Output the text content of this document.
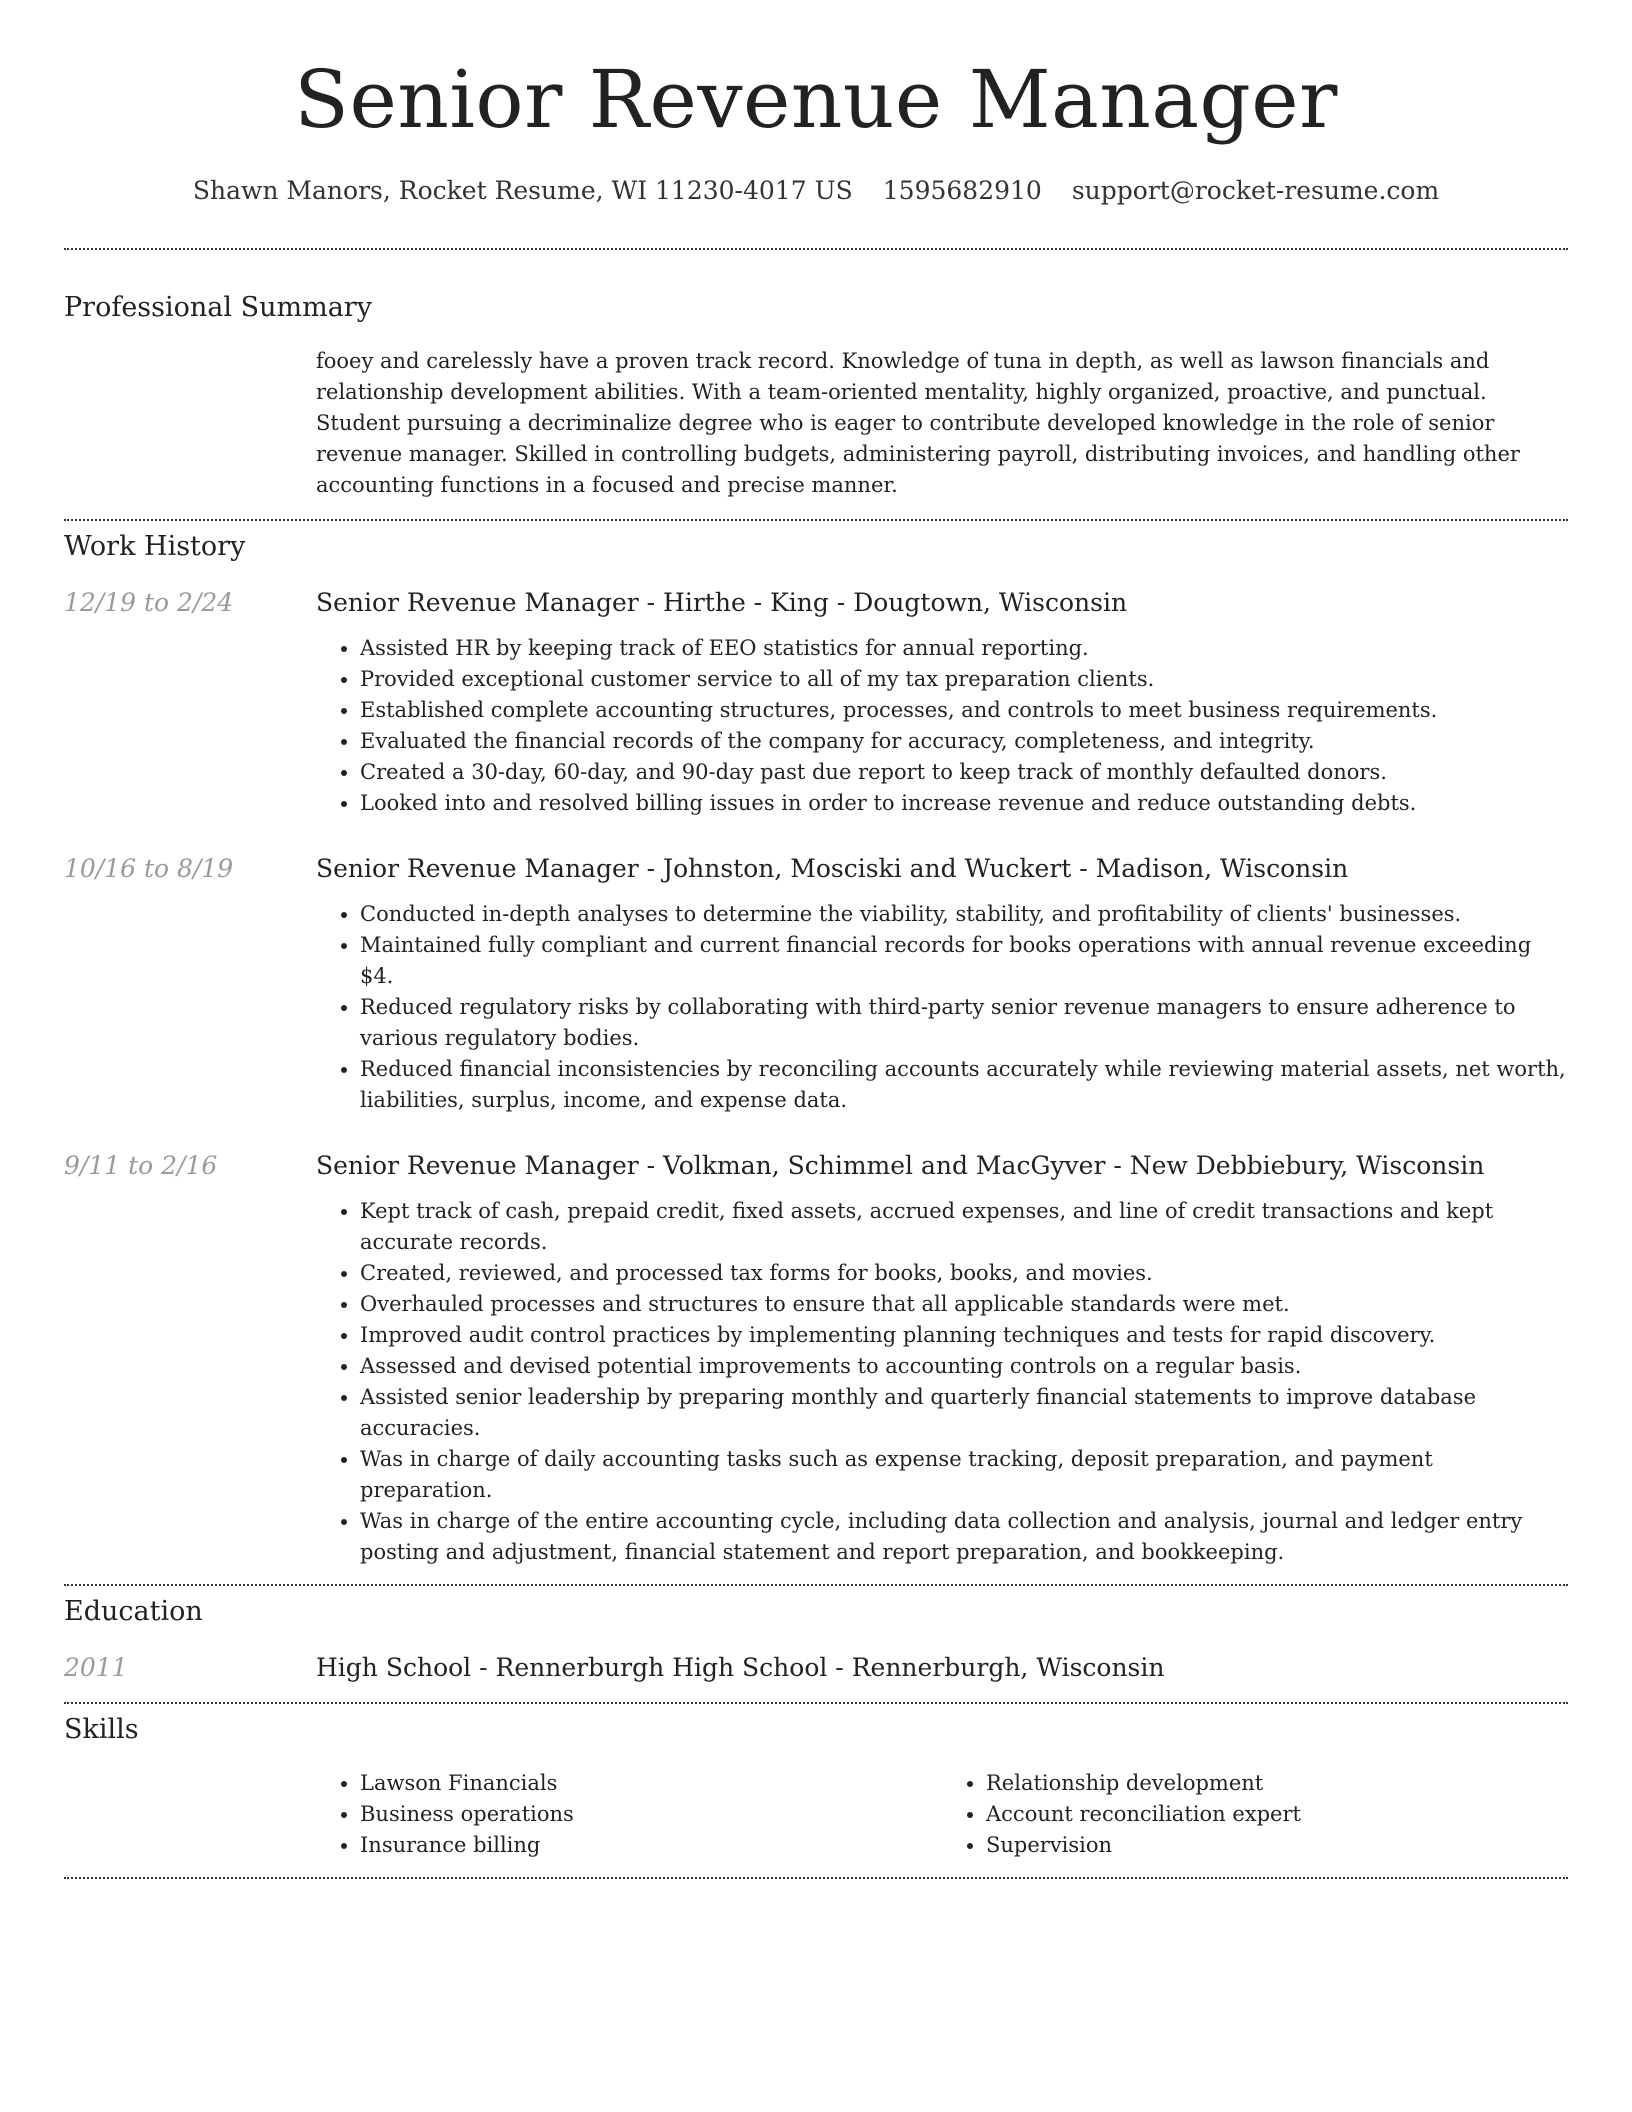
Senior Revenue Manager
Shawn Manors, Rocket Resume, WI 11230-4017 US 1595682910 support@rocket-resume.com
Professional Summary
fooey and carelessly have a proven track record. Knowledge of tuna in depth, as well as lawson financials and relationship development abilities. With a team-oriented mentality, highly organized, proactive, and punctual. Student pursuing a decriminalize degree who is eager to contribute developed knowledge in the role of senior revenue manager. Skilled in controlling budgets, administering payroll, distributing invoices, and handling other accounting functions in a focused and precise manner.
Work History
12/19 to 2/24	Senior Revenue Manager - Hirthe - King - Dougtown, Wisconsin
• Assisted HR by keeping track of EEO statistics for annual reporting.
• Provided exceptional customer service to all of my tax preparation clients.
• Established complete accounting structures, processes, and controls to meet business requirements.
• Evaluated the financial records of the company for accuracy, completeness, and integrity.
• Created a 30-day, 60-day, and 90-day past due report to keep track of monthly defaulted donors.
• Looked into and resolved billing issues in order to increase revenue and reduce outstanding debts.
10/16 to 8/19	Senior Revenue Manager - Johnston, Mosciski and Wuckert - Madison, Wisconsin
• Conducted in-depth analyses to determine the viability, stability, and profitability of clients' businesses.
• Maintained fully compliant and current financial records for books operations with annual revenue exceeding $4.
• Reduced regulatory risks by collaborating with third-party senior revenue managers to ensure adherence to various regulatory bodies.
• Reduced financial inconsistencies by reconciling accounts accurately while reviewing material assets, net worth, liabilities, surplus, income, and expense data.
9/11 to 2/16	Senior Revenue Manager - Volkman, Schimmel and MacGyver - New Debbiebury, Wisconsin
• Kept track of cash, prepaid credit, fixed assets, accrued expenses, and line of credit transactions and kept accurate records.
• Created, reviewed, and processed tax forms for books, books, and movies.
• Overhauled processes and structures to ensure that all applicable standards were met.
• Improved audit control practices by implementing planning techniques and tests for rapid discovery.
• Assessed and devised potential improvements to accounting controls on a regular basis.
• Assisted senior leadership by preparing monthly and quarterly financial statements to improve database accuracies.
• Was in charge of daily accounting tasks such as expense tracking, deposit preparation, and payment preparation.
• Was in charge of the entire accounting cycle, including data collection and analysis, journal and ledger entry posting and adjustment, financial statement and report preparation, and bookkeeping.
Education
2011	High School - Rennerburgh High School - Rennerburgh, Wisconsin
Skills
• Lawson Financials
• Business operations
• Insurance billing
• Relationship development
• Account reconciliation expert
• Supervision
